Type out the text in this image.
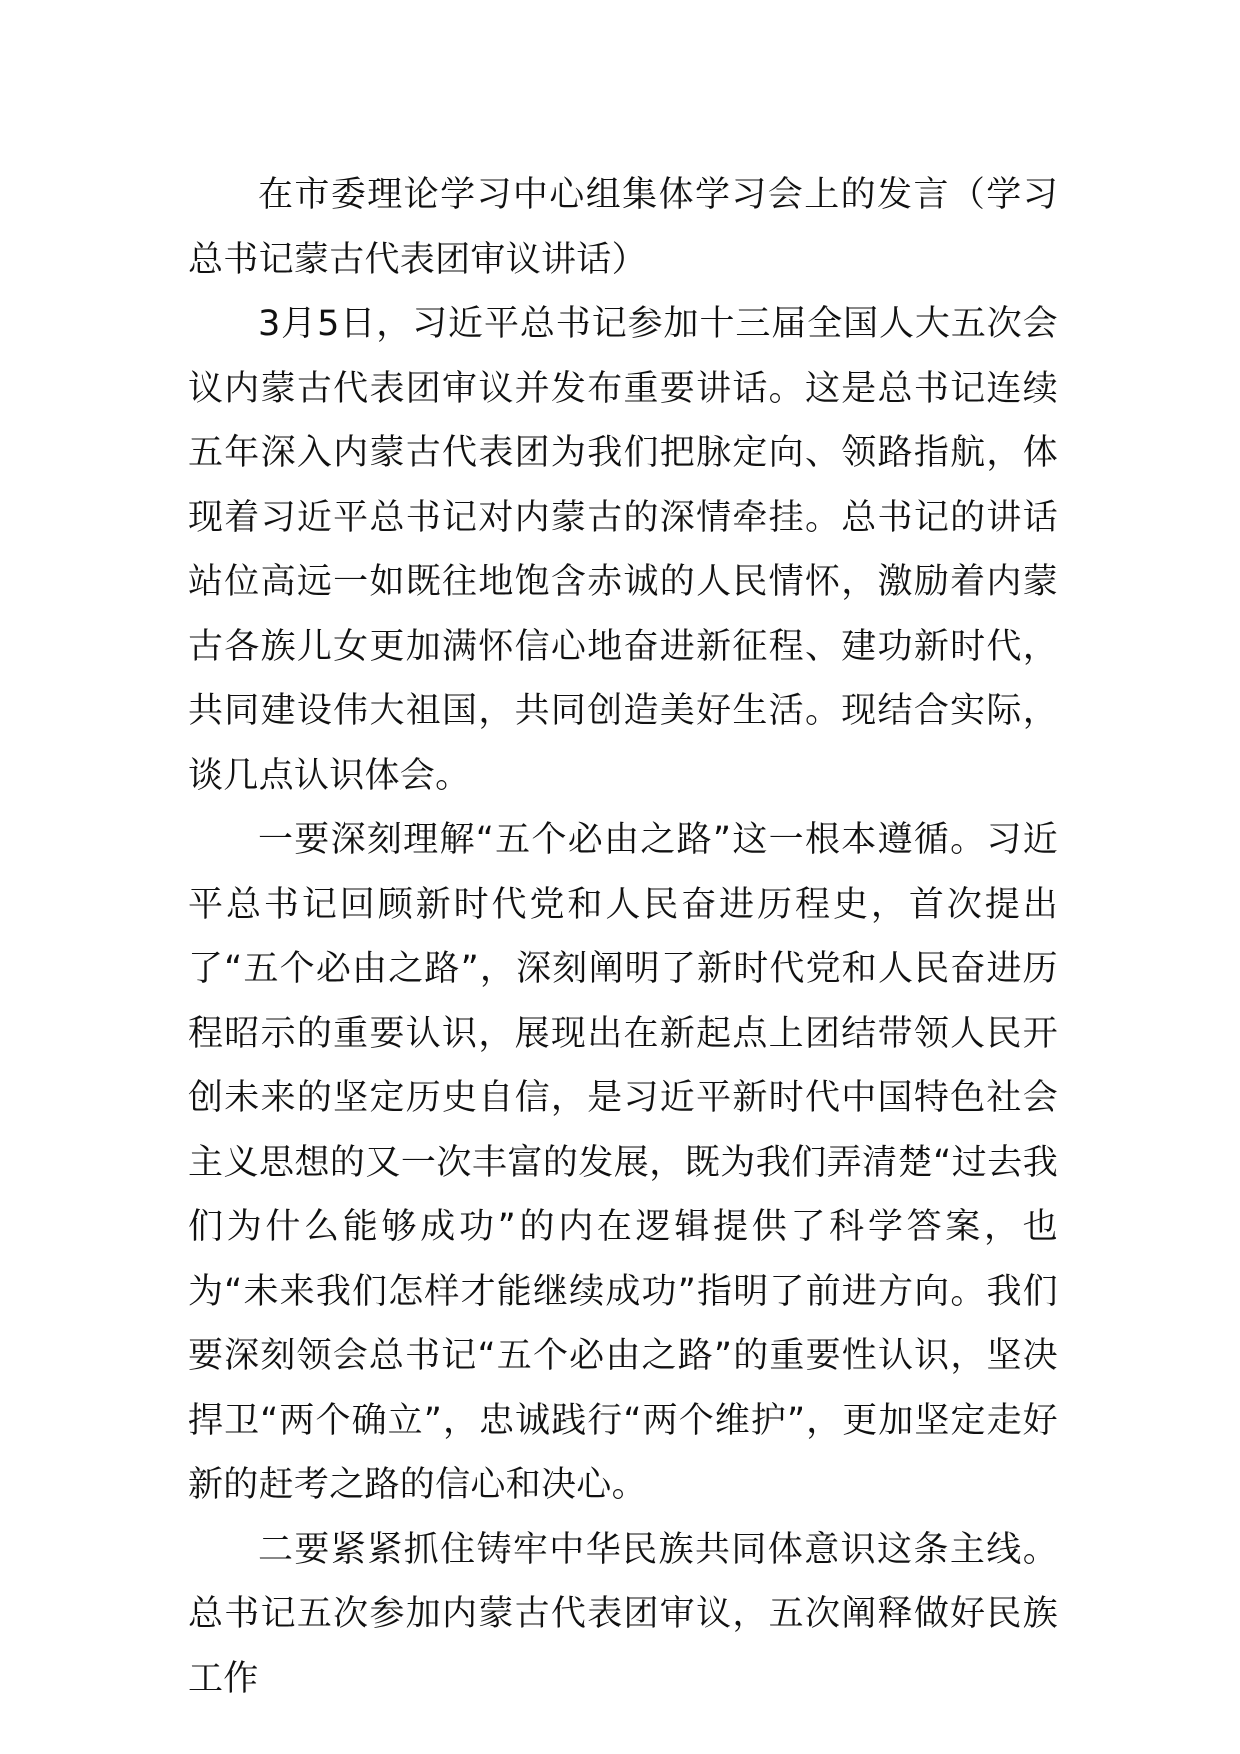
在市委理论学习中心组集体学习会上的发言（学习总书记蒙古代表团审议讲话）

3月5日，习近平总书记参加十三届全国人大五次会议内蒙古代表团审议并发布重要讲话。这是总书记连续五年深入内蒙古代表团为我们把脉定向、领路指航，体现着习近平总书记对内蒙古的深情牵挂。总书记的讲话站位高远一如既往地饱含赤诚的人民情怀，激励着内蒙古各族儿女更加满怀信心地奋进新征程、建功新时代，共同建设伟大祖国，共同创造美好生活。现结合实际，谈几点认识体会。

一要深刻理解“五个必由之路”这一根本遵循。习近平总书记回顾新时代党和人民奋进历程史，首次提出了“五个必由之路”，深刻阐明了新时代党和人民奋进历程昭示的重要认识，展现出在新起点上团结带领人民开创未来的坚定历史自信，是习近平新时代中国特色社会主义思想的又一次丰富的发展，既为我们弄清楚“过去我们为什么能够成功”的内在逻辑提供了科学答案，也为“未来我们怎样才能继续成功”指明了前进方向。我们要深刻领会总书记“五个必由之路”的重要性认识，坚决捍卫“两个确立”，忠诚践行“两个维护”，更加坚定走好新的赶考之路的信心和决心。

二要紧紧抓住铸牢中华民族共同体意识这条主线。总书记五次参加内蒙古代表团审议，五次阐释做好民族工作
